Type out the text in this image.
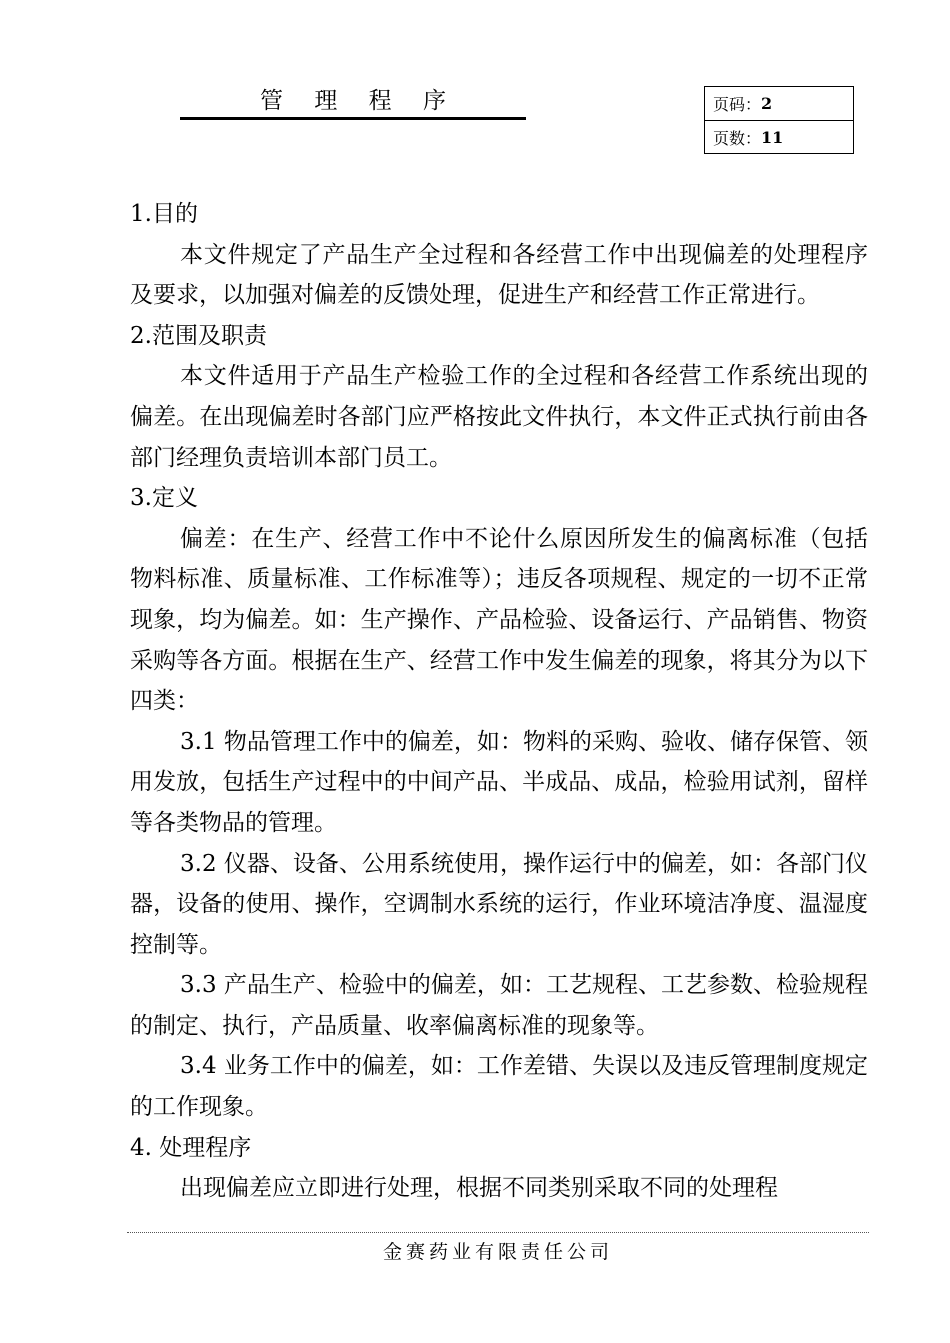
管 理 程 序	页码： 2
页数： 11

1.目的

本文件规定了产品生产全过程和各经营工作中出现偏差的处理程序及要求，以加强对偏差的反馈处理，促进生产和经营工作正常进行。

2.范围及职责

本文件适用于产品生产检验工作的全过程和各经营工作系统出现的偏差。在出现偏差时各部门应严格按此文件执行，本文件正式执行前由各部门经理负责培训本部门员工。

3.定义

偏差：在生产、经营工作中不论什么原因所发生的偏离标准（包括物料标准、质量标准、工作标准等）；违反各项规程、规定的一切不正常现象，均为偏差。如：生产操作、产品检验、设备运行、产品销售、物资采购等各方面。根据在生产、经营工作中发生偏差的现象，将其分为以下四类：

3.1 物品管理工作中的偏差，如：物料的采购、验收、储存保管、领用发放，包括生产过程中的中间产品、半成品、成品，检验用试剂，留样等各类物品的管理。

3.2 仪器、设备、公用系统使用，操作运行中的偏差，如：各部门仪器，设备的使用、操作，空调制水系统的运行，作业环境洁净度、温湿度控制等。

3.3 产品生产、检验中的偏差，如：工艺规程、工艺参数、检验规程的制定、执行，产品质量、收率偏离标准的现象等。

3.4 业务工作中的偏差，如：工作差错、失误以及违反管理制度规定的工作现象。

4. 处理程序

出现偏差应立即进行处理，根据不同类别采取不同的处理程

金赛药业有限责任公司
